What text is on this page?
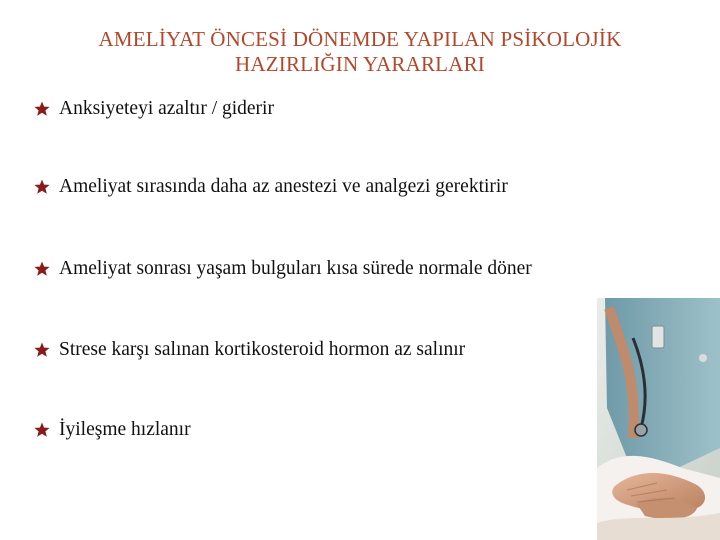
AMELİYAT ÖNCESİ DÖNEMDE YAPILAN PSİKOLOJİK
HAZIRLIĞIN YARARLARI
Anksiyeteyi azaltır / giderir
Ameliyat sırasında daha az anestezi ve analgezi gerektirir
Ameliyat sonrası yaşam bulguları kısa sürede normale döner
Strese karşı salınan kortikosteroid hormon az salınır
İyileşme hızlanır
